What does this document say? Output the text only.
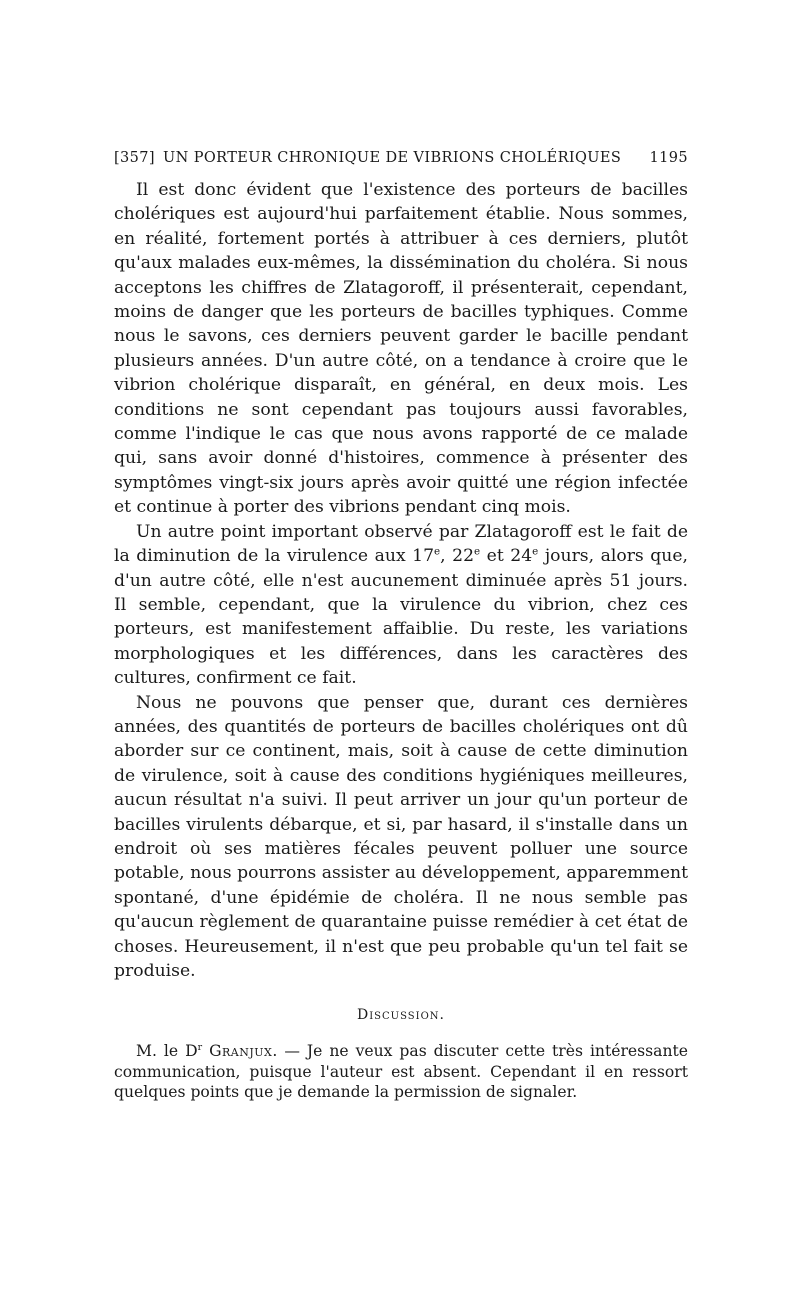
[357] UN PORTEUR CHRONIQUE DE VIBRIONS CHOLÉRIQUES	1195

Il est donc évident que l'existence des porteurs de bacilles cholériques est aujourd'hui parfaitement établie. Nous sommes, en réalité, fortement portés à attribuer à ces derniers, plutôt qu'aux malades eux-mêmes, la dissémination du choléra. Si nous acceptons les chiffres de Zlatagoroff, il présenterait, cependant, moins de danger que les porteurs de bacilles typhiques. Comme nous le savons, ces derniers peuvent garder le bacille pendant plusieurs années. D'un autre côté, on a tendance à croire que le vibrion cholérique disparaît, en général, en deux mois. Les conditions ne sont cependant pas toujours aussi favorables, comme l'indique le cas que nous avons rapporté de ce malade qui, sans avoir donné d'histoires, commence à présenter des symptômes vingt-six jours après avoir quitté une région infectée et continue à porter des vibrions pendant cinq mois.

Un autre point important observé par Zlatagoroff est le fait de la diminution de la virulence aux 17e, 22e et 24e jours, alors que, d'un autre côté, elle n'est aucunement diminuée après 51 jours. Il semble, cependant, que la virulence du vibrion, chez ces porteurs, est manifestement affaiblie. Du reste, les variations morphologiques et les différences, dans les caractères des cultures, confirment ce fait.

Nous ne pouvons que penser que, durant ces dernières années, des quantités de porteurs de bacilles cholériques ont dû aborder sur ce continent, mais, soit à cause de cette diminution de virulence, soit à cause des conditions hygiéniques meilleures, aucun résultat n'a suivi. Il peut arriver un jour qu'un porteur de bacilles virulents débarque, et si, par hasard, il s'installe dans un endroit où ses matières fécales peuvent polluer une source potable, nous pourrons assister au développement, apparemment spontané, d'une épidémie de choléra. Il ne nous semble pas qu'aucun règlement de quarantaine puisse remédier à cet état de choses. Heureusement, il n'est que peu probable qu'un tel fait se produise.

Discussion.

M. le $D^r$ Granjux. — Je ne veux pas discuter cette très intéressante communication, puisque l'auteur est absent. Cependant il en ressort quelques points que je demande la permission de signaler.
